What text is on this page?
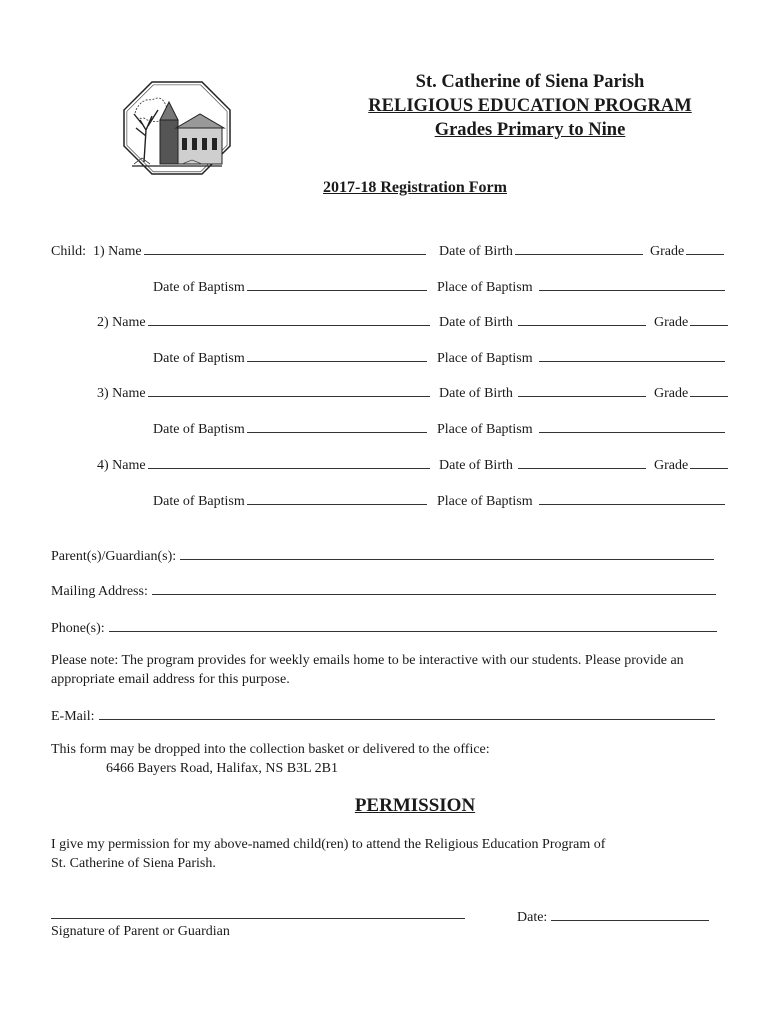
St. Catherine of Siena Parish
RELIGIOUS EDUCATION PROGRAM
Grades Primary to Nine
2017-18 Registration Form
Child:
1) Name	Date of Birth	Grade
Date of Baptism	Place of Baptism
2) Name	Date of Birth	Grade
Date of Baptism	Place of Baptism
3) Name	Date of Birth	Grade
Date of Baptism	Place of Baptism
4) Name	Date of Birth	Grade
Date of Baptism	Place of Baptism
Parent(s)/Guardian(s):
Mailing Address:
Phone(s):
Please note: The program provides for weekly emails home to be interactive with our students. Please provide an
appropriate email address for this purpose.
E-Mail:
This form may be dropped into the collection basket or delivered to the office:
6466 Bayers Road, Halifax, NS B3L 2B1
PERMISSION
I give my permission for my above-named child(ren) to attend the Religious Education Program of
St. Catherine of Siena Parish.
Signature of Parent or Guardian
Date:
